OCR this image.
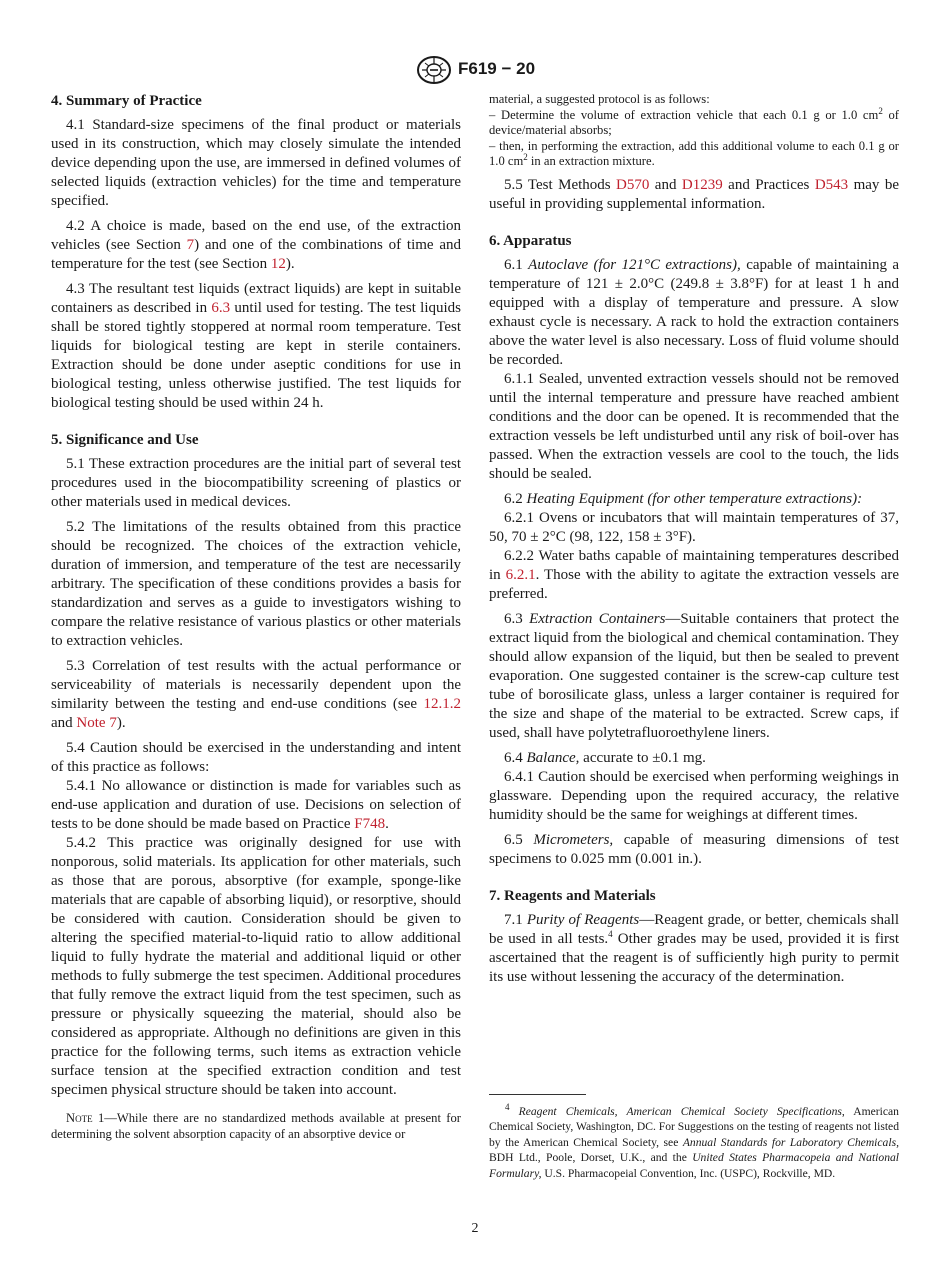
F619 − 20
4. Summary of Practice

4.1 Standard-size specimens of the final product or materials used in its construction, which may closely simulate the intended device depending upon the use, are immersed in defined volumes of selected liquids (extraction vehicles) for the time and temperature specified.

4.2 A choice is made, based on the end use, of the extraction vehicles (see Section 7) and one of the combinations of time and temperature for the test (see Section 12).

4.3 The resultant test liquids (extract liquids) are kept in suitable containers as described in 6.3 until used for testing. The test liquids shall be stored tightly stoppered at normal room temperature. Test liquids for biological testing are kept in sterile containers. Extraction should be done under aseptic conditions for use in biological testing, unless otherwise justified. The test liquids for biological testing should be used within 24 h.

5. Significance and Use

5.1 These extraction procedures are the initial part of several test procedures used in the biocompatibility screening of plastics or other materials used in medical devices.

5.2 The limitations of the results obtained from this practice should be recognized. The choices of the extraction vehicle, duration of immersion, and temperature of the test are necessarily arbitrary. The specification of these conditions provides a basis for standardization and serves as a guide to investigators wishing to compare the relative resistance of various plastics or other materials to extraction vehicles.

5.3 Correlation of test results with the actual performance or serviceability of materials is necessarily dependent upon the similarity between the testing and end-use conditions (see 12.1.2 and Note 7).

5.4 Caution should be exercised in the understanding and intent of this practice as follows:

5.4.1 No allowance or distinction is made for variables such as end-use application and duration of use. Decisions on selection of tests to be done should be made based on Practice F748.

5.4.2 This practice was originally designed for use with nonporous, solid materials. Its application for other materials, such as those that are porous, absorptive (for example, sponge-like materials that are capable of absorbing liquid), or resorptive, should be considered with caution. Consideration should be given to altering the specified material-to-liquid ratio to allow additional liquid to fully hydrate the material and additional liquid or other methods to fully submerge the test specimen. Additional procedures that fully remove the extract liquid from the test specimen, such as pressure or physically squeezing the material, should also be considered as appropriate. Although no definitions are given in this practice for the following terms, such items as extraction vehicle surface tension at the specified extraction condition and test specimen physical structure should be taken into account.

Note 1—While there are no standardized methods available at present for determining the solvent absorption capacity of an absorptive device or

material, a suggested protocol is as follows:

– Determine the volume of extraction vehicle that each 0.1 g or 1.0 $cm^2$ of device/material absorbs;

– then, in performing the extraction, add this additional volume to each 0.1 g or 1.0 $cm^2$ in an extraction mixture.

5.5 Test Methods D570 and D1239 and Practices D543 may be useful in providing supplemental information.

6. Apparatus

6.1 Autoclave (for 121°C extractions), capable of maintaining a temperature of 121 ± 2.0°C (249.8 ± 3.8°F) for at least 1 h and equipped with a display of temperature and pressure. A slow exhaust cycle is necessary. A rack to hold the extraction containers above the water level is also necessary. Loss of fluid volume should be recorded.

6.1.1 Sealed, unvented extraction vessels should not be removed until the internal temperature and pressure have reached ambient conditions and the door can be opened. It is recommended that the extraction vessels be left undisturbed until any risk of boil-over has passed. When the extraction vessels are cool to the touch, the lids should be sealed.

6.2 Heating Equipment (for other temperature extractions):

6.2.1 Ovens or incubators that will maintain temperatures of 37, 50, 70 ± 2°C (98, 122, 158 ± 3°F).

6.2.2 Water baths capable of maintaining temperatures described in 6.2.1. Those with the ability to agitate the extraction vessels are preferred.

6.3 Extraction Containers—Suitable containers that protect the extract liquid from the biological and chemical contamination. They should allow expansion of the liquid, but then be sealed to prevent evaporation. One suggested container is the screw-cap culture test tube of borosilicate glass, unless a larger container is required for the size and shape of the material to be extracted. Screw caps, if used, shall have polytetrafluoroethylene liners.

6.4 Balance, accurate to ±0.1 mg.

6.4.1 Caution should be exercised when performing weighings in glassware. Depending upon the required accuracy, the relative humidity should be the same for weighings at different times.

6.5 Micrometers, capable of measuring dimensions of test specimens to 0.025 mm (0.001 in.).

7. Reagents and Materials

7.1 Purity of Reagents—Reagent grade, or better, chemicals shall be used in all tests.$^4$ Other grades may be used, provided it is first ascertained that the reagent is of sufficiently high purity to permit its use without lessening the accuracy of the determination.

$^4$ Reagent Chemicals, American Chemical Society Specifications, American Chemical Society, Washington, DC. For Suggestions on the testing of reagents not listed by the American Chemical Society, see Annual Standards for Laboratory Chemicals, BDH Ltd., Poole, Dorset, U.K., and the United States Pharmacopeia and National Formulary, U.S. Pharmacopeial Convention, Inc. (USPC), Rockville, MD.
2
